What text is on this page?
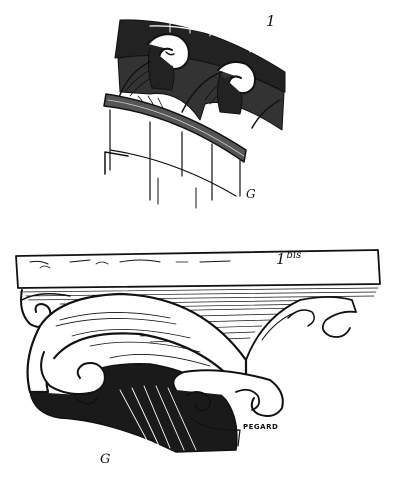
1
$1^{bis}$
PEGARD
G
G
